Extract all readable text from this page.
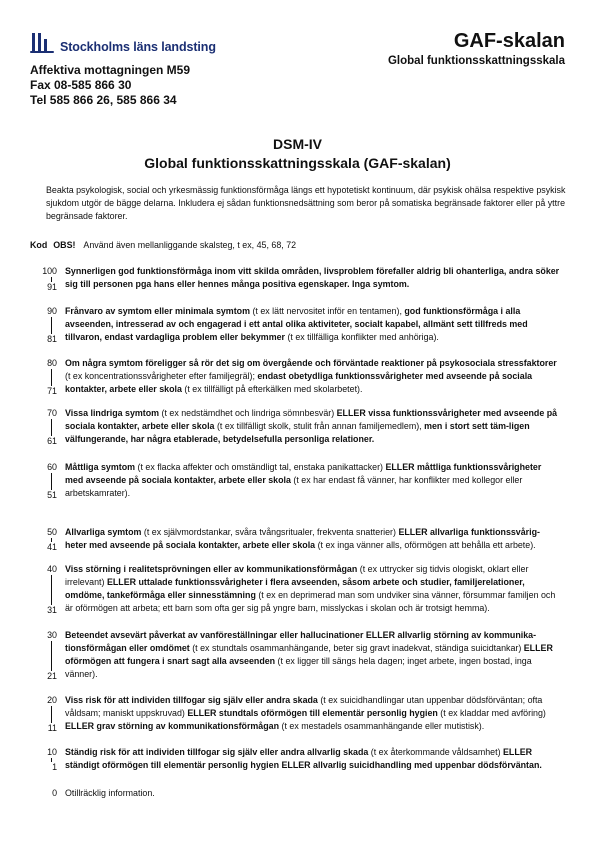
Stockholms läns landsting
Affektiva mottagningen M59
Fax 08-585 866 30
Tel 585 866 26, 585 866 34
GAF-skalan
Global funktionsskattningsskala
DSM-IV
Global funktionsskattningsskala (GAF-skalan)

Beakta psykologisk, social och yrkesmässig funktionsförmåga längs ett hypotetiskt kontinuum, där psykisk ohälsa respektive psykisk sjukdom utgör de bägge delarna. Inkludera ej sådan funktionsnedsättning som beror på somatiska begränsade faktorer eller på yttre begränsade faktorer.

Kod OBS! Använd även mellanliggande skalsteg, t ex, 45, 68, 72
100
91
Synnerligen god funktionsförmåga inom vitt skilda områden, livsproblem förefaller aldrig bli ohanterliga, andra söker sig till personen pga hans eller hennes många positiva egenskaper. Inga symtom.
90
81
Frånvaro av symtom eller minimala symtom (t ex lätt nervositet inför en tentamen), god funktionsförmåga i alla avseenden, intresserad av och engagerad i ett antal olika aktiviteter, socialt kapabel, allmänt sett tillfreds med tillvaron, endast vardagliga problem eller bekymmer (t ex tillfälliga konflikter med anhöriga).
80
71
Om några symtom föreligger så rör det sig om övergående och förväntade reaktioner på psykosociala stressfaktorer (t ex koncentrationssvårigheter efter familjegräl); endast obetydliga funktionssvårigheter med avseende på sociala kontakter, arbete eller skola (t ex tillfälligt på efterkälken med skolarbetet).
70
61
Vissa lindriga symtom (t ex nedstämdhet och lindriga sömnbesvär) ELLER vissa funktionssvårigheter med avseende på sociala kontakter, arbete eller skola (t ex tillfälligt skolk, stulit från annan familjemedlem), men i stort sett täm-ligen välfungerande, har några etablerade, betydelsefulla personliga relationer.
60
51
Måttliga symtom (t ex flacka affekter och omständligt tal, enstaka panikattacker) ELLER måttliga funktionssvårigheter med avseende på sociala kontakter, arbete eller skola (t ex har endast få vänner, har konflikter med kollegor eller arbetskamrater).
50
41
Allvarliga symtom (t ex självmordstankar, svåra tvångsritualer, frekventa snatterier) ELLER allvarliga funktionssvårig-heter med avseende på sociala kontakter, arbete eller skola (t ex inga vänner alls, oförmögen att behålla ett arbete).
40
31
Viss störning i realitetsprövningen eller av kommunikationsförmågan (t ex uttrycker sig tidvis ologiskt, oklart eller irrelevant) ELLER uttalade funktionssvårigheter i flera avseenden, såsom arbete och studier, familjerelationer, omdöme, tankeförmåga eller sinnesstämning (t ex en deprimerad man som undviker sina vänner, försummar familjen och är oförmögen att arbeta; ett barn som ofta ger sig på yngre barn, misslyckas i skolan och är trotsigt hemma).
30
21
Beteendet avsevärt påverkat av vanföreställningar eller hallucinationer ELLER allvarlig störning av kommunika-tionsförmågan eller omdömet (t ex stundtals osammanhängande, beter sig gravt inadekvat, ständiga suicidtankar) ELLER oförmögen att fungera i snart sagt alla avseenden (t ex ligger till sängs hela dagen; inget arbete, ingen bostad, inga vänner).
20
11
Viss risk för att individen tillfogar sig själv eller andra skada (t ex suicidhandlingar utan uppenbar dödsförväntan; ofta våldsam; maniskt uppskruvad) ELLER stundtals oförmögen till elementär personlig hygien (t ex kladdar med avföring) ELLER grav störning av kommunikationsförmågan (t ex mestadels osammanhängande eller mutistisk).
10
1
Ständig risk för att individen tillfogar sig själv eller andra allvarlig skada (t ex återkommande våldsamhet) ELLER ständigt oförmögen till elementär personlig hygien ELLER allvarlig suicidhandling med uppenbar dödsförväntan.
0 Otillräcklig information.
